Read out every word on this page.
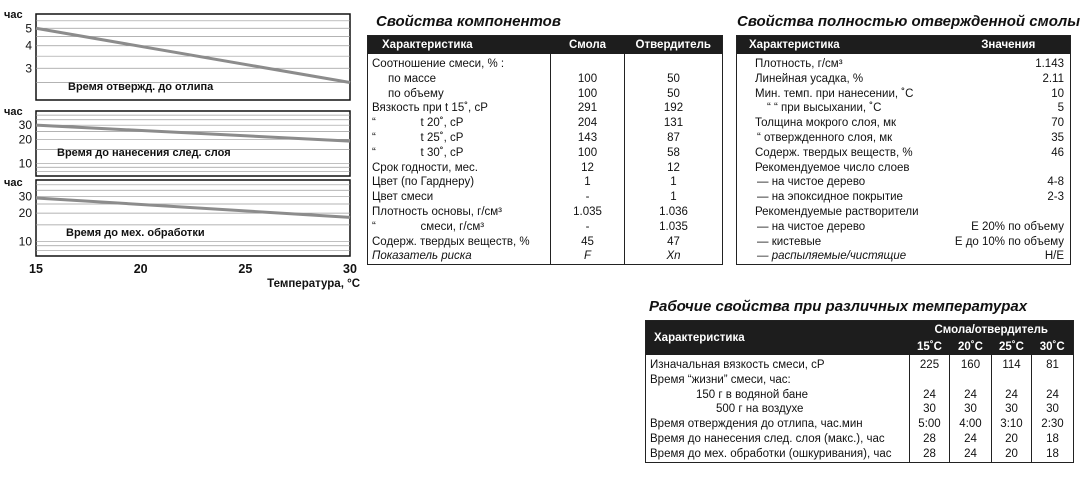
5
4
3
час
Время отвержд. до отлипа
30
20
10
час
Время до нанесения след. слоя
30
20
10
час
Время до мех. обработки
15	20	25	30
Температура, °C
Свойства компонентов
Характеристика	Смола	Отвердитель
Соотношение смеси, % :		
по массе	100	50
по объему	100	50
Вязкость при t 15˚, cP	291	192
“              t 20˚, cP	204	131
“              t 25˚, cP	143	87
“              t 30˚, cP	100	58
Срок годности, мес.	12	12
Цвет (по Гарднеру)	1	1
Цвет смеси	-	1
Плотность основы, г/см³	1.035	1.036
“              смеси, г/см³	-	1.035
Содерж. твердых веществ, %	45	47
Показатель риска	F	Xn
Свойства полностью отвержденной смолы
Характеристика	Значения
Плотность, г/см³	1.143
Линейная усадка, %	2.11
Мин. темп. при нанесении, ˚C	10
“ “ при высыхании, ˚C	5
Толщина мокрого слоя, мк	70
“ отвержденного слоя, мк	35
Содерж. твердых веществ, %	46
Рекомендуемое число слоев	
— на чистое дерево	4-8
— на эпоксидное покрытие	2-3
Рекомендуемые растворители	
— на чистое дерево	E 20% по объему
— кистевые	E до 10% по объему
— распыляемые/чистящие	H/E
Рабочие свойства при различных температурах
Характеристика	Смола/отвердитель			
	15˚C	20˚C	25˚C	30˚C
Изначальная вязкость смеси, cP	225	160	114	81
Время “жизни” смеси, час:				
150 г в водяной бане	24	24	24	24
500 г на воздухе	30	30	30	30
Время отверждения до отлипа, час.мин	5:00	4:00	3:10	2:30
Время до нанесения след. слоя (макс.), час	28	24	20	18
Время до мех. обработки (ошкуривания), час	28	24	20	18
